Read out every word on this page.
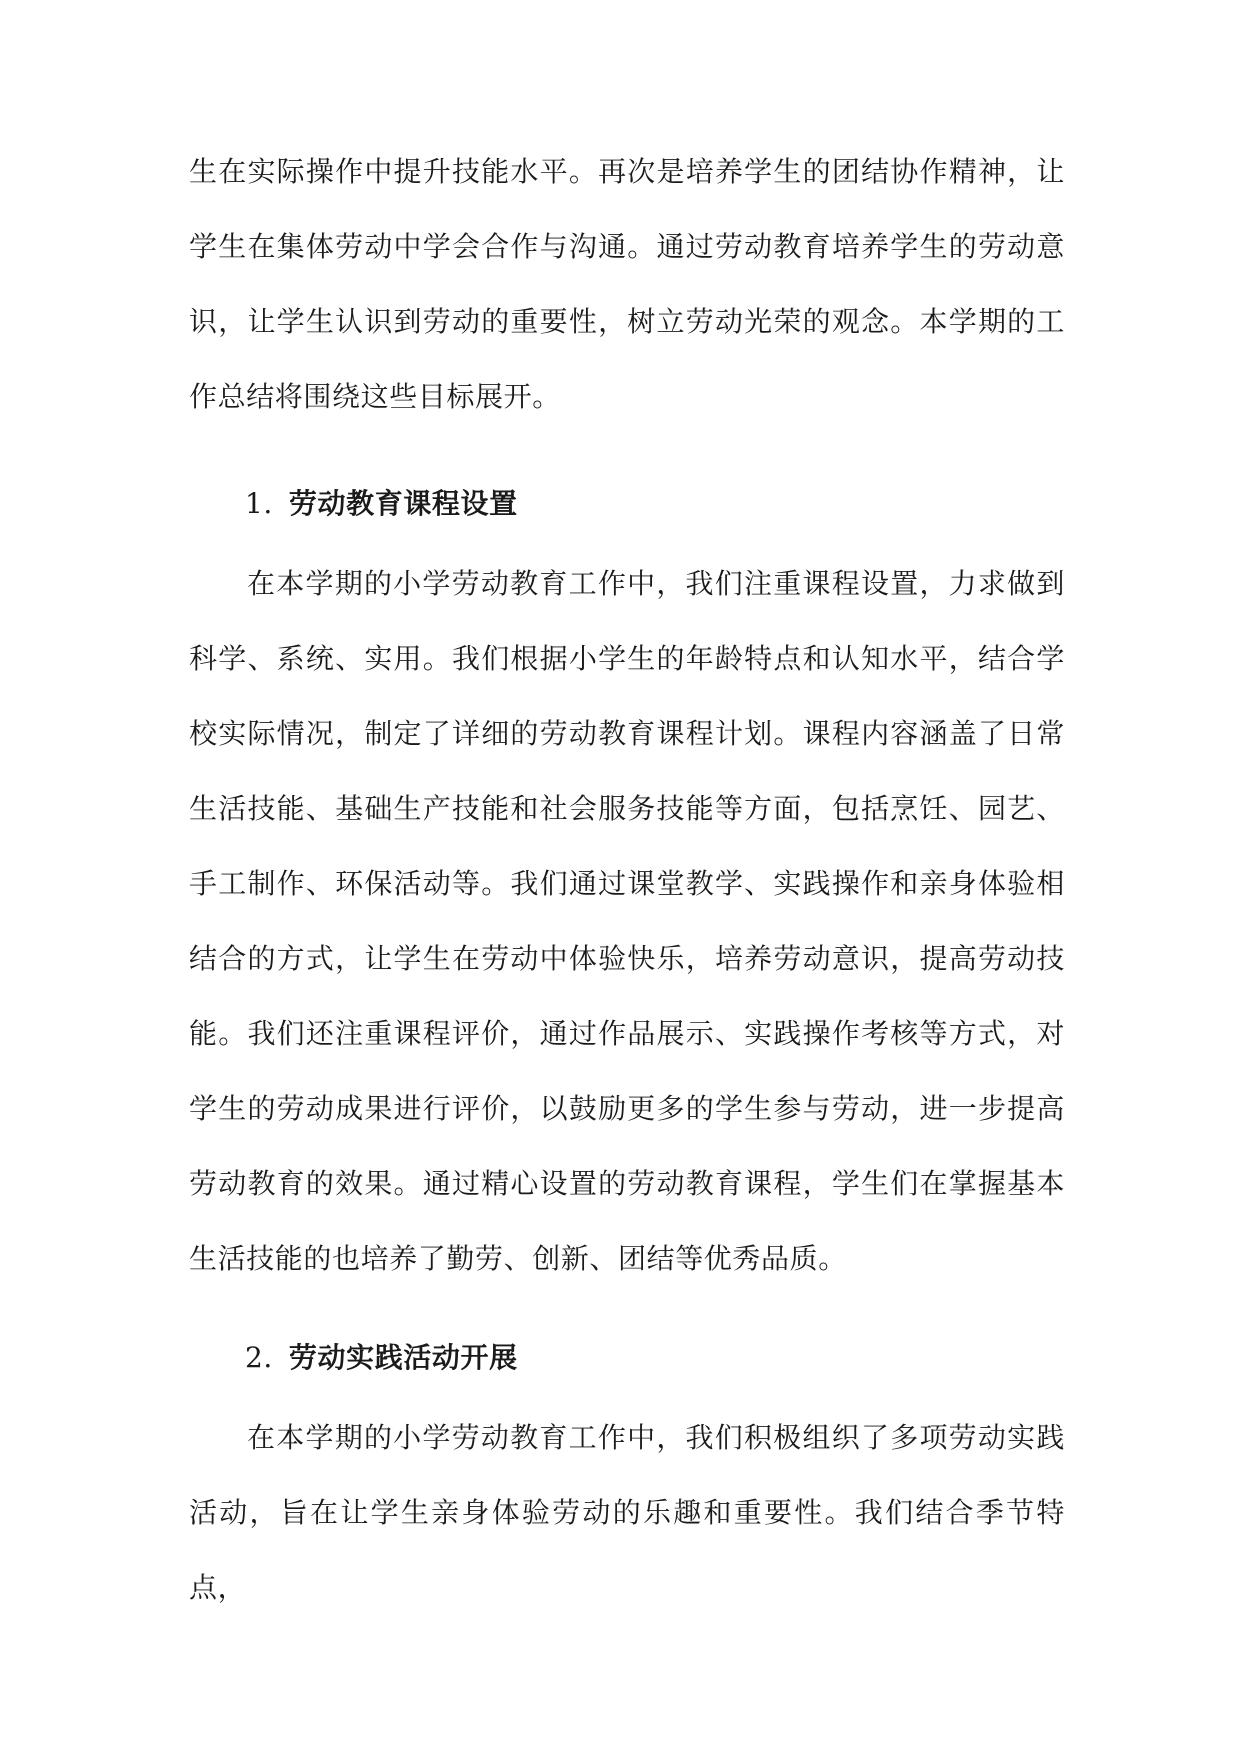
生在实际操作中提升技能水平。再次是培养学生的团结协作精神，让学生在集体劳动中学会合作与沟通。通过劳动教育培养学生的劳动意识，让学生认识到劳动的重要性，树立劳动光荣的观念。本学期的工作总结将围绕这些目标展开。

1. 劳动教育课程设置

在本学期的小学劳动教育工作中，我们注重课程设置，力求做到科学、系统、实用。我们根据小学生的年龄特点和认知水平，结合学校实际情况，制定了详细的劳动教育课程计划。课程内容涵盖了日常生活技能、基础生产技能和社会服务技能等方面，包括烹饪、园艺、手工制作、环保活动等。我们通过课堂教学、实践操作和亲身体验相结合的方式，让学生在劳动中体验快乐，培养劳动意识，提高劳动技能。我们还注重课程评价，通过作品展示、实践操作考核等方式，对学生的劳动成果进行评价，以鼓励更多的学生参与劳动，进一步提高劳动教育的效果。通过精心设置的劳动教育课程，学生们在掌握基本生活技能的也培养了勤劳、创新、团结等优秀品质。

2. 劳动实践活动开展

在本学期的小学劳动教育工作中，我们积极组织了多项劳动实践活动，旨在让学生亲身体验劳动的乐趣和重要性。我们结合季节特点，
